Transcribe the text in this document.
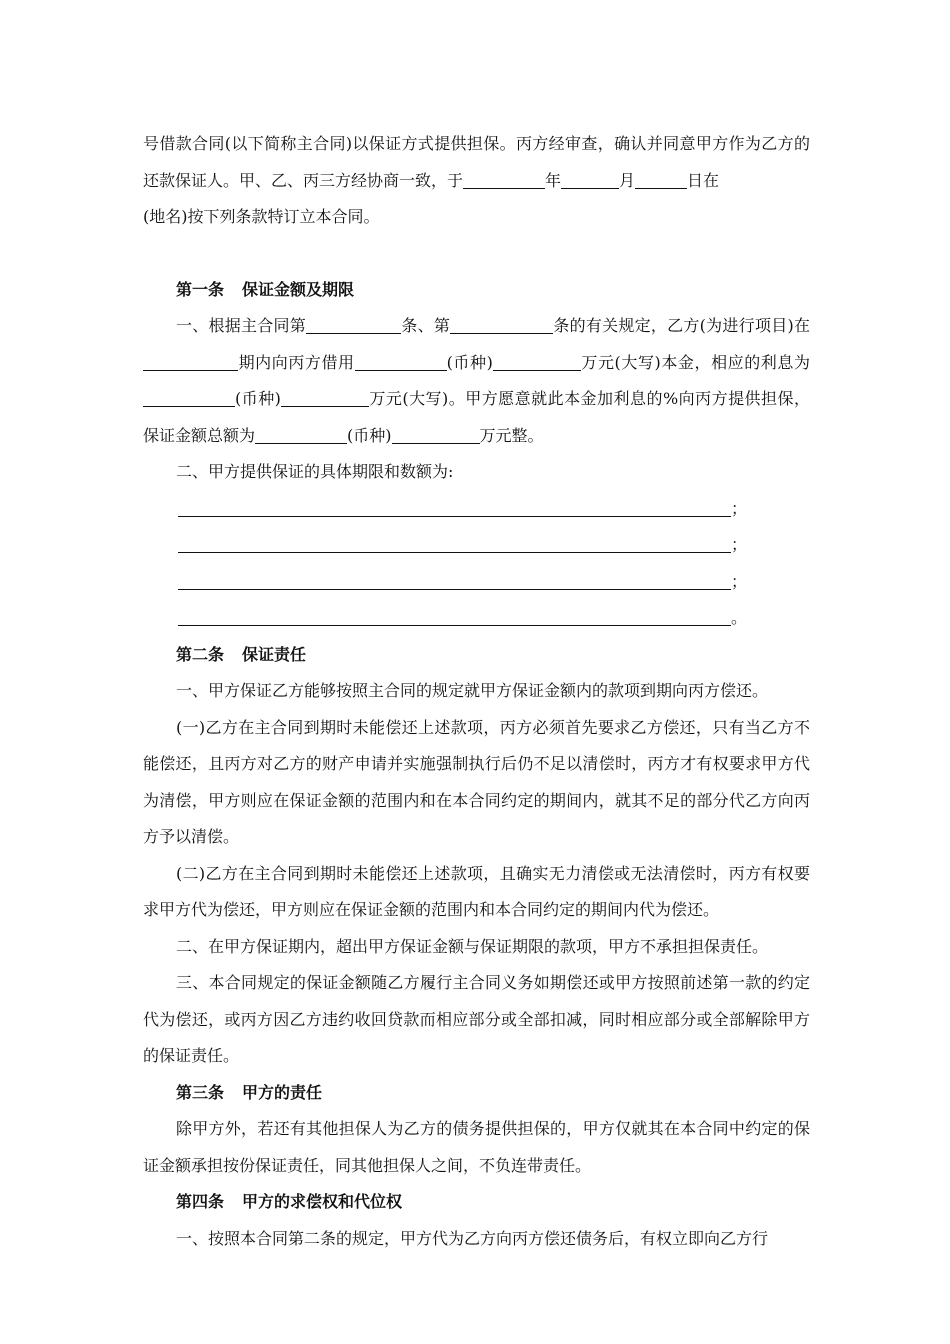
号借款合同(以下简称主合同)以保证方式提供担保。丙方经审查，确认并同意甲方作为乙方的还款保证人。甲、乙、丙三方经协商一致，于	年	月	日在
(地名)按下列条款特订立本合同。

第一条 保证金额及期限

一、根据主合同第	条、第	条的有关规定，乙方(为进行项目)在期内向丙方借用	(币种)	万元(大写)本金，相应的利息为(币种)	万元(大写)。甲方愿意就此本金加利息的%向丙方提供担保，保证金额总额为	(币种)	万元整。

二、甲方提供保证的具体期限和数额为:

；
；
；
。

第二条 保证责任

一、甲方保证乙方能够按照主合同的规定就甲方保证金额内的款项到期向丙方偿还。

(一)乙方在主合同到期时未能偿还上述款项，丙方必须首先要求乙方偿还，只有当乙方不能偿还，且丙方对乙方的财产申请并实施强制执行后仍不足以清偿时，丙方才有权要求甲方代为清偿，甲方则应在保证金额的范围内和在本合同约定的期间内，就其不足的部分代乙方向丙方予以清偿。

(二)乙方在主合同到期时未能偿还上述款项，且确实无力清偿或无法清偿时，丙方有权要求甲方代为偿还，甲方则应在保证金额的范围内和本合同约定的期间内代为偿还。

二、在甲方保证期内，超出甲方保证金额与保证期限的款项，甲方不承担担保责任。

三、本合同规定的保证金额随乙方履行主合同义务如期偿还或甲方按照前述第一款的约定代为偿还，或丙方因乙方违约收回贷款而相应部分或全部扣减，同时相应部分或全部解除甲方的保证责任。

第三条 甲方的责任

除甲方外，若还有其他担保人为乙方的债务提供担保的，甲方仅就其在本合同中约定的保证金额承担按份保证责任，同其他担保人之间，不负连带责任。

第四条 甲方的求偿权和代位权

一、按照本合同第二条的规定，甲方代为乙方向丙方偿还债务后，有权立即向乙方行
